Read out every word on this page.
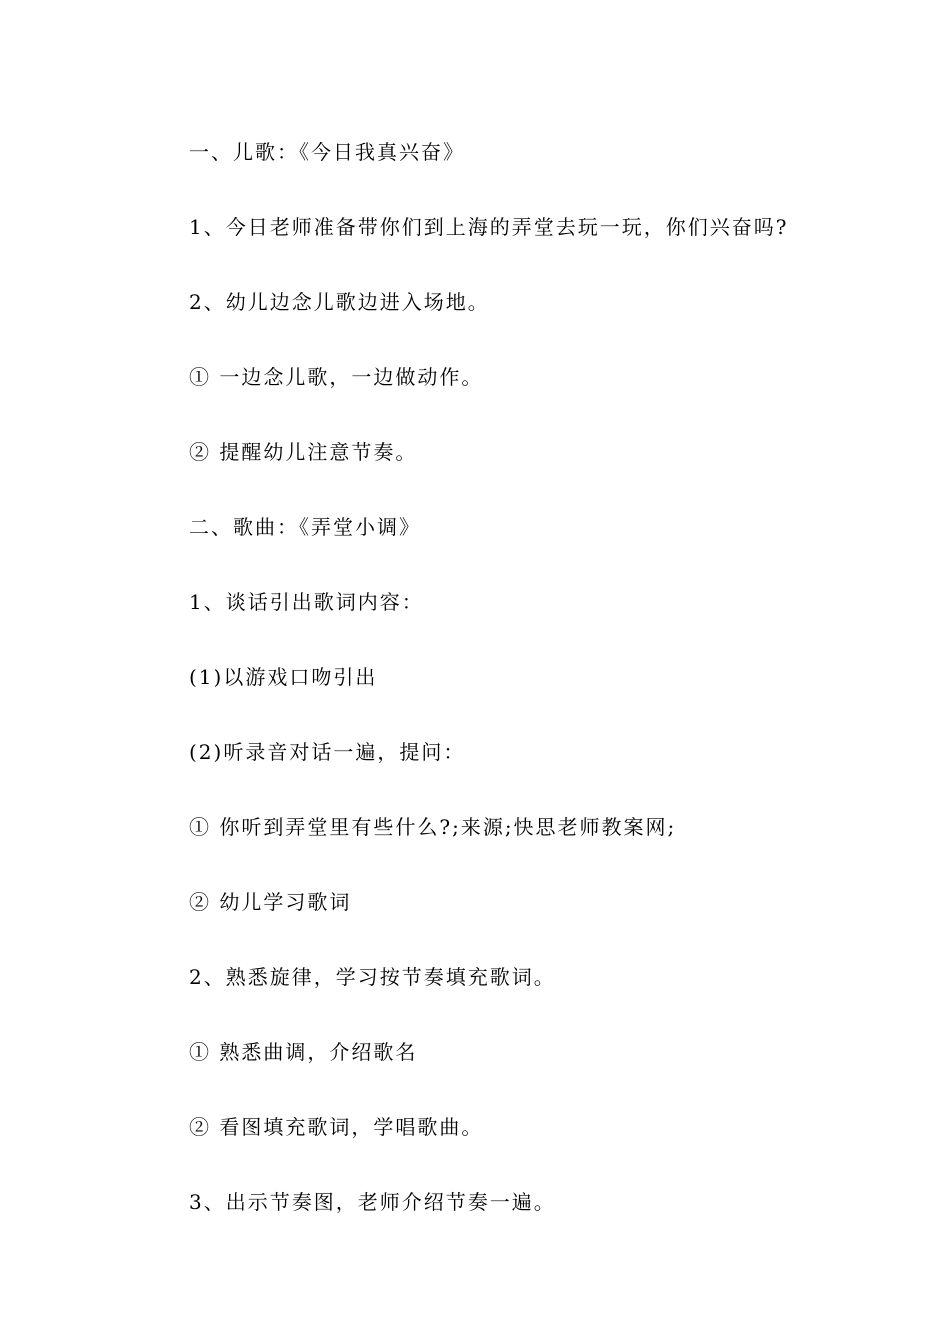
一、儿歌：《今日我真兴奋》
1、今日老师准备带你们到上海的弄堂去玩一玩，你们兴奋吗?
2、幼儿边念儿歌边进入场地。
① 一边念儿歌，一边做动作。
② 提醒幼儿注意节奏。
二、歌曲：《弄堂小调》
1、谈话引出歌词内容：
(1)以游戏口吻引出
(2)听录音对话一遍，提问：
① 你听到弄堂里有些什么?;来源;快思老师教案网;
② 幼儿学习歌词
2、熟悉旋律，学习按节奏填充歌词。
① 熟悉曲调，介绍歌名
② 看图填充歌词，学唱歌曲。
3、出示节奏图，老师介绍节奏一遍。
